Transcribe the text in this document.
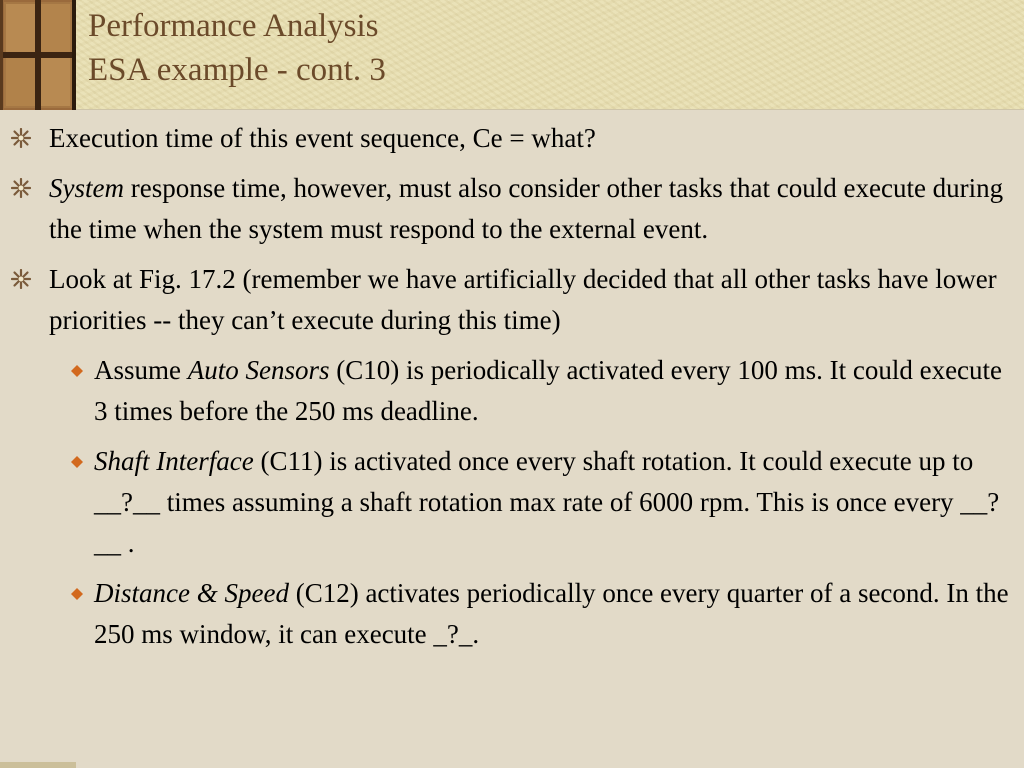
Performance Analysis
ESA example - cont. 3
Execution time of this event sequence, Ce = what?
System response time, however, must also consider other tasks that could execute during the time when the system must respond to the external event.
Look at Fig. 17.2 (remember we have artificially decided that all other tasks have lower priorities -- they can’t execute during this time)
Assume Auto Sensors (C10) is periodically activated every 100 ms. It could execute 3 times before the 250 ms deadline.
Shaft Interface (C11) is activated once every shaft rotation. It could execute up to __?__ times assuming a shaft rotation max rate of 6000 rpm. This is once every __?__ .
Distance & Speed (C12) activates periodically once every quarter of a second. In the 250 ms window, it can execute _?_.
